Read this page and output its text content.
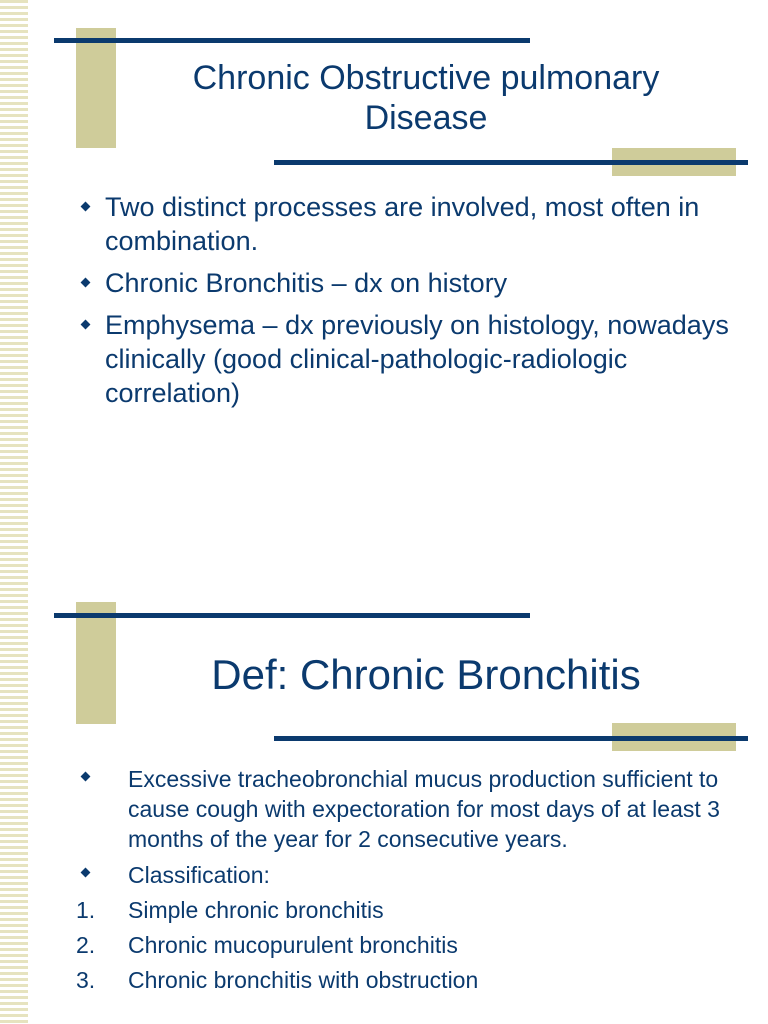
Chronic Obstructive pulmonary
Disease
Two distinct processes are involved, most often in combination.
Chronic Bronchitis – dx on history
Emphysema – dx previously on histology, nowadays clinically (good clinical-pathologic-radiologic correlation)
Def: Chronic Bronchitis
Excessive tracheobronchial mucus production sufficient to cause cough with expectoration for most days of at least 3 months of the year for 2 consecutive years.
Classification:
1. Simple chronic bronchitis
2. Chronic mucopurulent bronchitis
3. Chronic bronchitis with obstruction
